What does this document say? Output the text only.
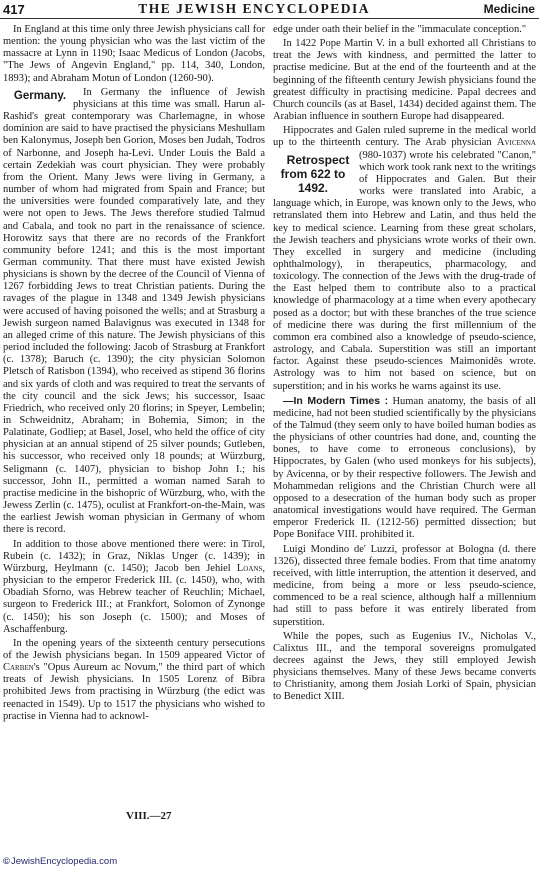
417	THE JEWISH ENCYCLOPEDIA	Medicine

In England at this time only three Jewish physicians call for mention: the young physician who was the last victim of the massacre at Lynn in 1190; Isaac Medicus of London (Jacobs, "The Jews of Angevin England," pp. 114, 340, London, 1893); and Abraham Motun of London (1260-90).

Germany. In Germany the influence of Jewish physicians at this time was small. Harun al-Rashid's great contemporary was Charlemagne, in whose dominion are said to have practised the physicians Meshullam ben Kalonymus, Joseph ben Gorion, Moses ben Judah, Todros of Narbonne, and Joseph ha-Levi. Under Louis the Bald a certain Zedekiah was court physician. They were probably from the Orient. Many Jews were living in Germany, a number of whom had migrated from Spain and France; but the universities were founded comparatively late, and they were not open to Jews. The Jews therefore studied Talmud and Cabala, and took no part in the renaissance of science. Horowitz says that there are no records of the Frankfort community before 1241; and this is the most important German community. That there must have existed Jewish physicians is shown by the decree of the Council of Vienna of 1267 forbidding Jews to treat Christian patients. During the ravages of the plague in 1348 and 1349 Jewish physicians were accused of having poisoned the wells; and at Strasburg a Jewish surgeon named Balavignus was executed in 1348 for an alleged crime of this nature. The Jewish physicians of this period included the following: Jacob of Strasburg at Frankfort (c. 1378); Baruch (c. 1390); the city physician Solomon Pletsch of Ratisbon (1394), who received as stipend 36 florins and six yards of cloth and was required to treat the servants of the city council and the sick Jews; his successor, Isaac Friedrich, who received only 20 florins; in Speyer, Lembelin; in Schweidnitz, Abraham; in Bohemia, Simon; in the Palatinate, Godliep; at Basel, Josel, who held the office of city physician at an annual stipend of 25 silver pounds; Gutleben, his successor, who received only 18 pounds; at Würzburg, Seligmann (c. 1407), physician to bishop John I.; his successor, John II., permitted a woman named Sarah to practise medicine in the bishopric of Würzburg, who, with the Jewess Zerlin (c. 1475), oculist at Frankfort-on-the-Main, was the earliest Jewish woman physician in Germany of whom there is record.

In addition to those above mentioned there were: in Tirol, Rubein (c. 1432); in Graz, Niklas Unger (c. 1439); in Würzburg, Heylmann (c. 1450); Jacob ben Jehiel Loans, physician to the emperor Frederick III. (c. 1450), who, with Obadiah Sforno, was Hebrew teacher of Reuchlin; Michael, surgeon to Frederick III.; at Frankfort, Solomon of Zynonge (c. 1450); his son Joseph (c. 1500); and Moses of Aschaffenburg.

In the opening years of the sixteenth century persecutions of the Jewish physicians began. In 1509 appeared Victor of Carben's "Opus Aureum ac Novum," the third part of which treats of Jewish physicians. In 1505 Lorenz of Bibra prohibited Jews from practising in Würzburg (the edict was reenacted in 1549). Up to 1517 the physicians who wished to practise in Vienna had to acknowl-

edge under oath their belief in the "immaculate conception."

In 1422 Pope Martin V. in a bull exhorted all Christians to treat the Jews with kindness, and permitted the latter to practise medicine. But at the end of the fourteenth and at the beginning of the fifteenth century Jewish physicians found the greatest difficulty in practising medicine. Papal decrees and Church councils (as at Basel, 1434) decided against them. The Arabian influence in southern Europe had disappeared.

Hippocrates and Galen ruled supreme in the medical world up to the thirteenth century. The Arab physician Avicenna
Retrospect from 622 to 1492.
(980-1037) wrote his celebrated "Canon," which work took rank next to the writings of Hippocrates and Galen. But their works were translated into Arabic, a language which, in Europe, was known only to the Jews, who retranslated them into Hebrew and Latin, and thus held the key to medical science. Learning from these great scholars, the Jewish teachers and physicians wrote works of their own. They excelled in surgery and medicine (including ophthalmology), in therapeutics, pharmacology, and toxicology. The connection of the Jews with the drug-trade of the East helped them to contribute also to a practical knowledge of pharmacology at a time when every apothecary posed as a doctor; but with these branches of the true science of medicine there was during the first millennium of the common era combined also a knowledge of pseudo-science, astrology, and Cabala. Superstition was still an important factor. Against these pseudo-sciences Maimonidês wrote. Astrology was to him not based on science, but on superstition; and in his works he warns against its use.

—In Modern Times : Human anatomy, the basis of all medicine, had not been studied scientifically by the physicians of the Talmud (they seem only to have boiled human bodies as the physicians of other countries had done, and, counting the bones, to have come to erroneous conclusions), by Hippocrates, by Galen (who used monkeys for his subjects), by Avicenna, or by their respective followers. The Jewish and Mohammedan religions and the Christian Church were all opposed to a desecration of the human body such as proper anatomical investigations would have required. The German emperor Frederick II. (1212-56) permitted dissection; but Pope Boniface VIII. prohibited it.

Luigi Mondino de' Luzzi, professor at Bologna (d. there 1326), dissected three female bodies. From that time anatomy received, with little interruption, the attention it deserved, and medicine, from being a more or less pseudo-science, commenced to be a real science, although half a millennium had still to pass before it was entirely liberated from superstition.

While the popes, such as Eugenius IV., Nicholas V., Calixtus III., and the temporal sovereigns promulgated decrees against the Jews, they still employed Jewish physicians themselves. Many of these Jews became converts to Christianity, among them Josiah Lorki of Spain, physician to Benedict XIII.

VIII.—27
© JewishEncyclopedia.com
